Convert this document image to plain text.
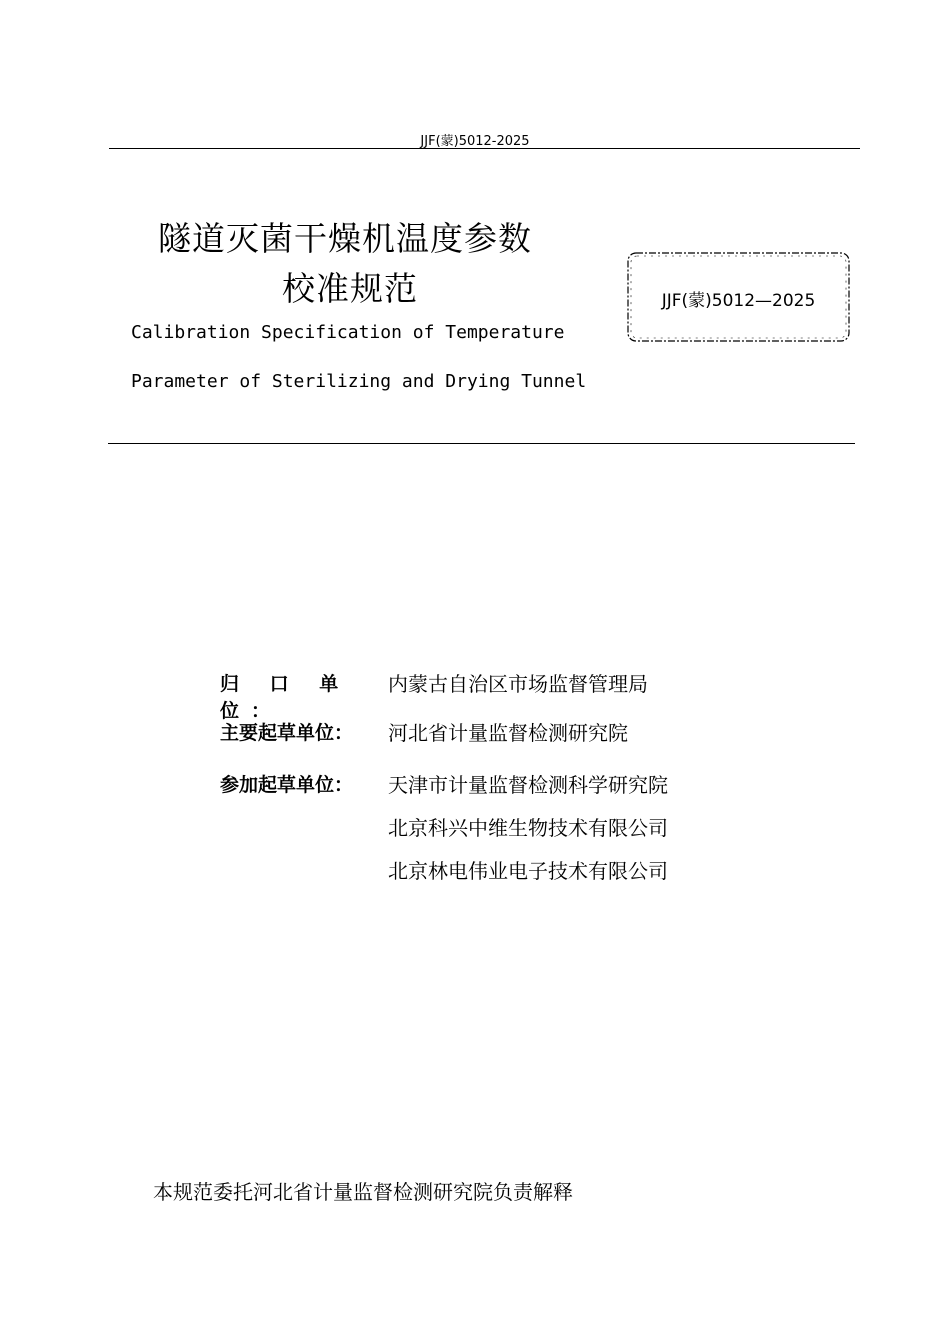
JJF(蒙)5012-2025
隧道灭菌干燥机温度参数
校准规范
Calibration Specification of Temperature
Parameter of Sterilizing and Drying Tunnel
JJF(蒙)5012—2025
归 口 单 位：
内蒙古自治区市场监督管理局
主要起草单位：	河北省计量监督检测研究院
参加起草单位：	天津市计量监督检测科学研究院
北京科兴中维生物技术有限公司
北京林电伟业电子技术有限公司
本规范委托河北省计量监督检测研究院负责解释
